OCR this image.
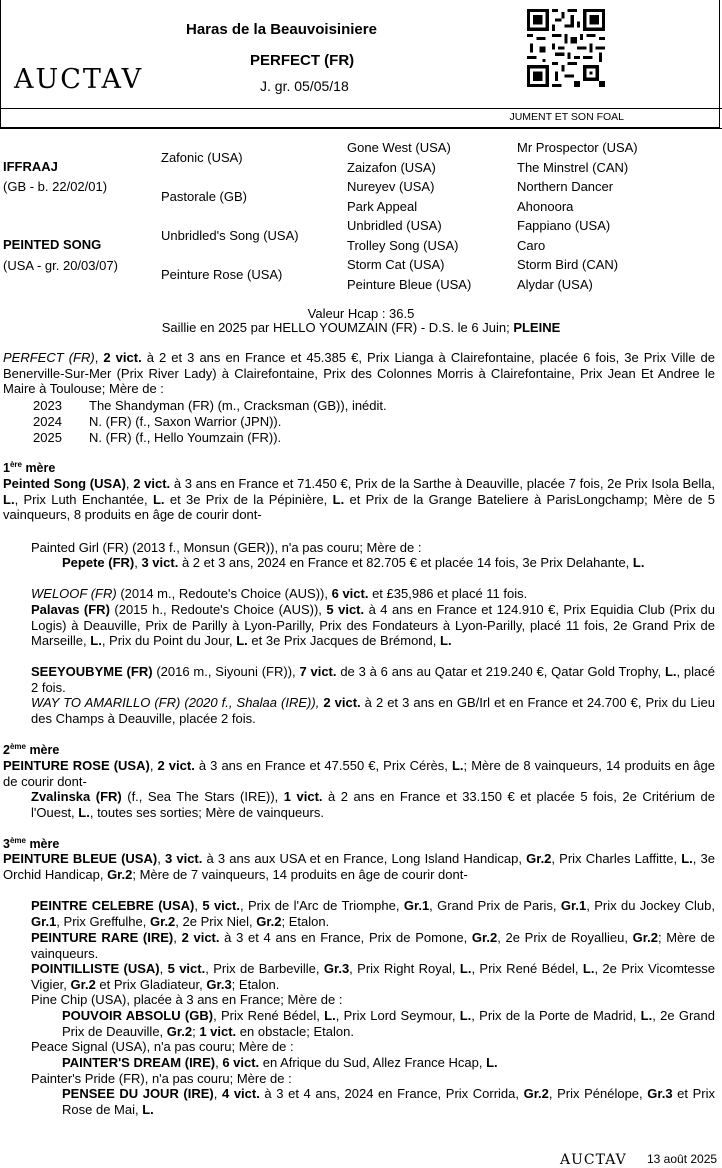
AUCTAV
Haras de la Beauvoisiniere
PERFECT (FR)
J. gr. 05/05/18
JUMENT ET SON FOAL
IFFRAAJ
(GB - b. 22/02/01)
PEINTED SONG
(USA - gr. 20/03/07)
Zafonic (USA)
Pastorale (GB)
Unbridled's Song (USA)
Peinture Rose (USA)
Gone West (USA)
Zaizafon (USA)
Nureyev (USA)
Park Appeal
Unbridled (USA)
Trolley Song (USA)
Storm Cat (USA)
Peinture Bleue (USA)
Mr Prospector (USA)
The Minstrel (CAN)
Northern Dancer
Ahonoora
Fappiano (USA)
Caro
Storm Bird (CAN)
Alydar (USA)
Valeur Hcap : 36.5
Saillie en 2025 par HELLO YOUMZAIN (FR) - D.S. le 6 Juin; PLEINE
PERFECT (FR), 2 vict. à 2 et 3 ans en France et 45.385 €, Prix Lianga à Clairefontaine, placée 6 fois, 3e Prix Ville de Benerville-Sur-Mer (Prix River Lady) à Clairefontaine, Prix des Colonnes Morris à Clairefontaine, Prix Jean Et Andree le Maire à Toulouse; Mère de :
2023 The Shandyman (FR) (m., Cracksman (GB)), inédit.
2024 N. (FR) (f., Saxon Warrior (JPN)).
2025 N. (FR) (f., Hello Youmzain (FR)).
1ère mère
Peinted Song (USA), 2 vict. à 3 ans en France et 71.450 €, Prix de la Sarthe à Deauville, placée 7 fois, 2e Prix Isola Bella, L., Prix Luth Enchantée, L. et 3e Prix de la Pépinière, L. et Prix de la Grange Bateliere à ParisLongchamp; Mère de 5 vainqueurs, 8 produits en âge de courir dont-
Painted Girl (FR) (2013 f., Monsun (GER)), n'a pas couru; Mère de :
Pepete (FR), 3 vict. à 2 et 3 ans, 2024 en France et 82.705 € et placée 14 fois, 3e Prix Delahante, L.
WELOOF (FR) (2014 m., Redoute's Choice (AUS)), 6 vict. et £35,986 et placé 11 fois.
Palavas (FR) (2015 h., Redoute's Choice (AUS)), 5 vict. à 4 ans en France et 124.910 €, Prix Equidia Club (Prix du Logis) à Deauville, Prix de Parilly à Lyon-Parilly, Prix des Fondateurs à Lyon-Parilly, placé 11 fois, 2e Grand Prix de Marseille, L., Prix du Point du Jour, L. et 3e Prix Jacques de Brémond, L.
SEEYOUBYME (FR) (2016 m., Siyouni (FR)), 7 vict. de 3 à 6 ans au Qatar et 219.240 €, Qatar Gold Trophy, L., placé 2 fois.
WAY TO AMARILLO (FR) (2020 f., Shalaa (IRE)), 2 vict. à 2 et 3 ans en GB/Irl et en France et 24.700 €, Prix du Lieu des Champs à Deauville, placée 2 fois.
2ème mère
PEINTURE ROSE (USA), 2 vict. à 3 ans en France et 47.550 €, Prix Cérès, L.; Mère de 8 vainqueurs, 14 produits en âge de courir dont-
Zvalinska (FR) (f., Sea The Stars (IRE)), 1 vict. à 2 ans en France et 33.150 € et placée 5 fois, 2e Critérium de l'Ouest, L., toutes ses sorties; Mère de vainqueurs.
3ème mère
PEINTURE BLEUE (USA), 3 vict. à 3 ans aux USA et en France, Long Island Handicap, Gr.2, Prix Charles Laffitte, L., 3e Orchid Handicap, Gr.2; Mère de 7 vainqueurs, 14 produits en âge de courir dont-
PEINTRE CELEBRE (USA), 5 vict., Prix de l'Arc de Triomphe, Gr.1, Grand Prix de Paris, Gr.1, Prix du Jockey Club, Gr.1, Prix Greffulhe, Gr.2, 2e Prix Niel, Gr.2; Etalon.
PEINTURE RARE (IRE), 2 vict. à 3 et 4 ans en France, Prix de Pomone, Gr.2, 2e Prix de Royallieu, Gr.2; Mère de vainqueurs.
POINTILLISTE (USA), 5 vict., Prix de Barbeville, Gr.3, Prix Right Royal, L., Prix René Bédel, L., 2e Prix Vicomtesse Vigier, Gr.2 et Prix Gladiateur, Gr.3; Etalon.
Pine Chip (USA), placée à 3 ans en France; Mère de :
POUVOIR ABSOLU (GB), Prix René Bédel, L., Prix Lord Seymour, L., Prix de la Porte de Madrid, L., 2e Grand Prix de Deauville, Gr.2; 1 vict. en obstacle; Etalon.
Peace Signal (USA), n'a pas couru; Mère de :
PAINTER'S DREAM (IRE), 6 vict. en Afrique du Sud, Allez France Hcap, L.
Painter's Pride (FR), n'a pas couru; Mère de :
PENSEE DU JOUR (IRE), 4 vict. à 3 et 4 ans, 2024 en France, Prix Corrida, Gr.2, Prix Pénélope, Gr.3 et Prix Rose de Mai, L.
AUCTAV 13 août 2025
